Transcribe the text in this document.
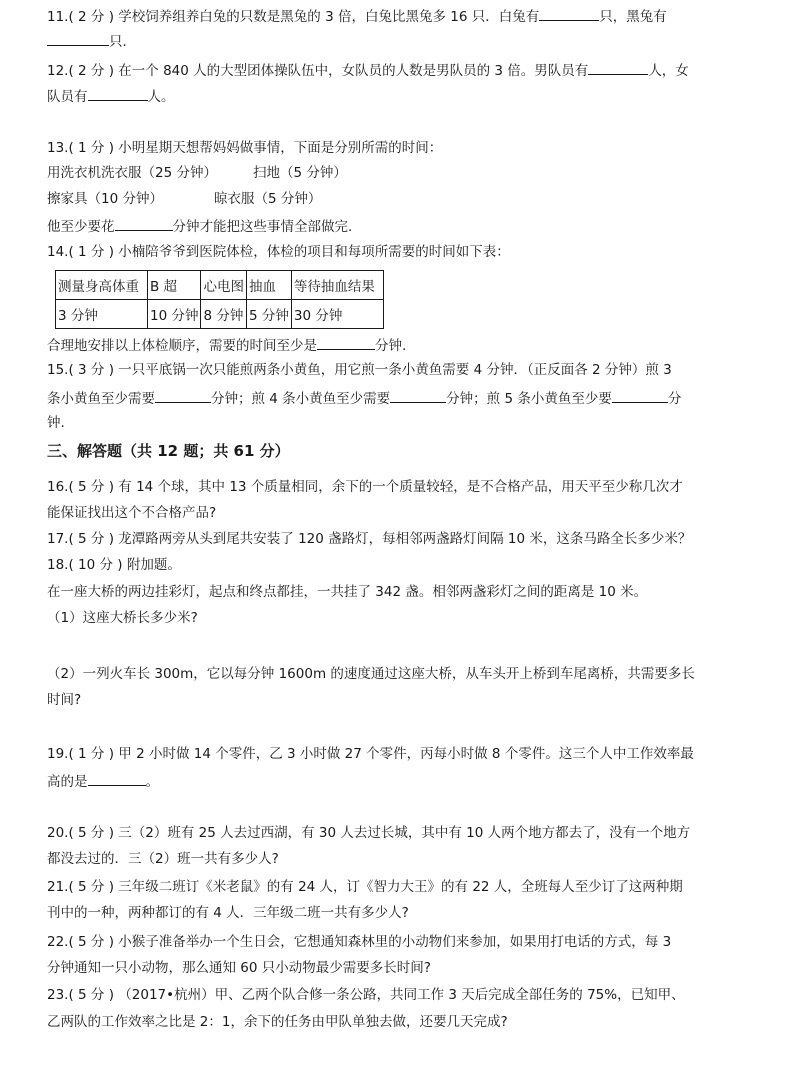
11.( 2 分 ) 学校饲养组养白兔的只数是黑兔的 3 倍，白兔比黑兔多 16 只．白兔有	只，黑兔有
只．
12.( 2 分 ) 在一个 840 人的大型团体操队伍中，女队员的人数是男队员的 3 倍。男队员有	人，女
队员有	人。
13.( 1 分 ) 小明星期天想帮妈妈做事情，下面是分别所需的时间：
用洗衣机洗衣服（25 分钟）	扫地（5 分钟）
擦家具（10 分钟）	晾衣服（5 分钟）
他至少要花	分钟才能把这些事情全部做完.
14.( 1 分 ) 小楠陪爷爷到医院体检，体检的项目和每项所需要的时间如下表：
测量身高体重	B 超	心电图	抽血	等待抽血结果
3 分钟	10 分钟	8 分钟	5 分钟	30 分钟
合理地安排以上体检顺序，需要的时间至少是	分钟.
15.( 3 分 ) 一只平底锅一次只能煎两条小黄鱼，用它煎一条小黄鱼需要 4 分钟．（正反面各 2 分钟）煎 3
条小黄鱼至少需要	分钟；煎 4 条小黄鱼至少需要	分钟；煎 5 条小黄鱼至少要	分
钟.
三、解答题（共 12 题；共 61 分）
16.( 5 分 ) 有 14 个球，其中 13 个质量相同，余下的一个质量较轻，是不合格产品，用天平至少称几次才
能保证找出这个不合格产品?
17.( 5 分 ) 龙潭路两旁从头到尾共安装了 120 盏路灯，每相邻两盏路灯间隔 10 米，这条马路全长多少米？
18.( 10 分 ) 附加题。
在一座大桥的两边挂彩灯，起点和终点都挂，一共挂了 342 盏。相邻两盏彩灯之间的距离是 10 米。
（1）这座大桥长多少米?
（2）一列火车长 300m，它以每分钟 1600m 的速度通过这座大桥，从车头开上桥到车尾离桥，共需要多长
时间?
19.( 1 分 ) 甲 2 小时做 14 个零件，乙 3 小时做 27 个零件，丙每小时做 8 个零件。这三个人中工作效率最
高的是	。
20.( 5 分 ) 三（2）班有 25 人去过西湖，有 30 人去过长城，其中有 10 人两个地方都去了，没有一个地方
都没去过的．三（2）班一共有多少人?
21.( 5 分 ) 三年级二班订《米老鼠》的有 24 人，订《智力大王》的有 22 人，全班每人至少订了这两种期
刊中的一种，两种都订的有 4 人．三年级二班一共有多少人?
22.( 5 分 ) 小猴子准备举办一个生日会，它想通知森林里的小动物们来参加，如果用打电话的方式，每 3
分钟通知一只小动物，那么通知 60 只小动物最少需要多长时间?
23.( 5 分 ) （2017•杭州）甲、乙两个队合修一条公路，共同工作 3 天后完成全部任务的 75%，已知甲、
乙两队的工作效率之比是 2：1，余下的任务由甲队单独去做，还要几天完成?
